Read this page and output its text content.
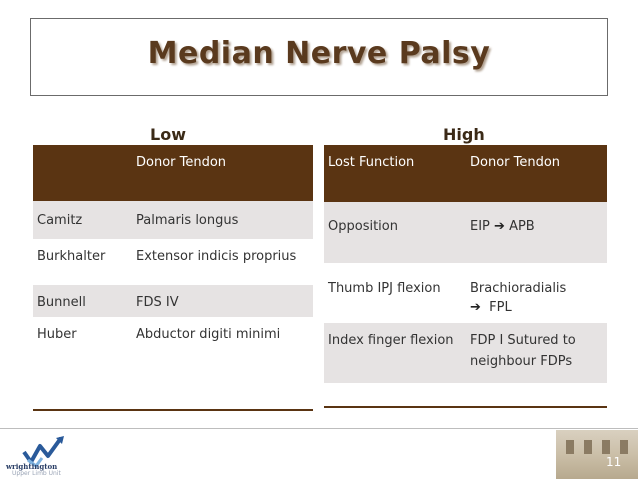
Median Nerve Palsy
Low	High
	Donor Tendon
Camitz	Palmaris longus
Burkhalter	Extensor indicis proprius
Bunnell	FDS IV
Huber	Abductor digiti minimi

Lost Function	Donor Tendon
Opposition	EIP ➔ APB
Thumb IPJ flexion	Brachioradialis
➔ FPL

Index finger flexion	FDP I Sutured to neighbour FDPs
wrightington
Upper Limb Unit
11
